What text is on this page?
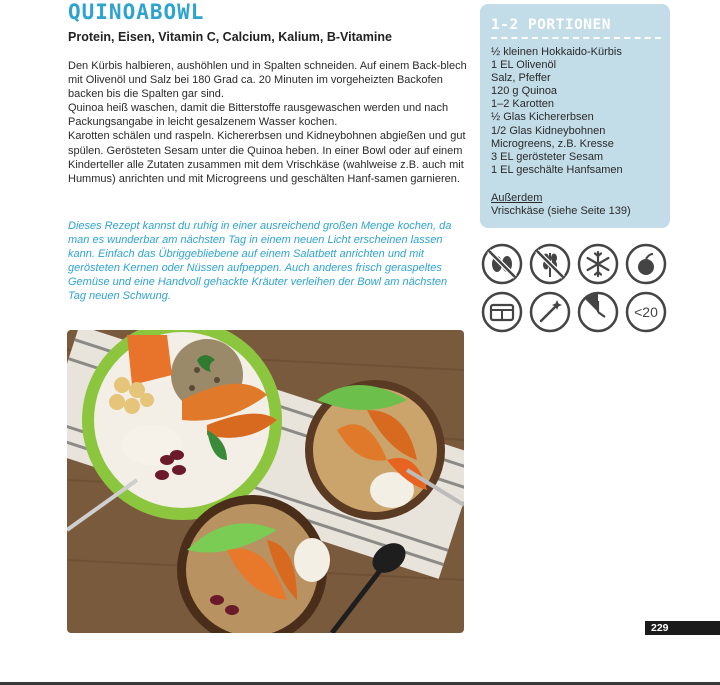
QUINOABOWL
Protein, Eisen, Vitamin C, Calcium, Kalium, B-Vitamine

Den Kürbis halbieren, aushöhlen und in Spalten schneiden. Auf einem Back-blech mit Olivenöl und Salz bei 180 Grad ca. 20 Minuten im vorgeheizten Backofen backen bis die Spalten gar sind.

Quinoa heiß waschen, damit die Bitterstoffe rausgewaschen werden und nach Packungsangabe in leicht gesalzenem Wasser kochen.

Karotten schälen und raspeln. Kichererbsen und Kidneybohnen abgießen und gut spülen. Gerösteten Sesam unter die Quinoa heben. In einer Bowl oder auf einem Kinderteller alle Zutaten zusammen mit dem Vrischkäse (wahlweise z.B. auch mit Hummus) anrichten und mit Microgreens und geschälten Hanf-samen garnieren.

Dieses Rezept kannst du ruhig in einer ausreichend großen Menge kochen, da man es wunderbar am nächsten Tag in einem neuen Licht erscheinen lassen kann. Einfach das Übriggebliebene auf einem Salatbett anrichten und mit gerösteten Kernen oder Nüssen aufpeppen. Auch anderes frisch geraspeltes Gemüse und eine Handvoll gehackte Kräuter verleihen der Bowl am nächsten Tag neuen Schwung.
1-2 PORTIONEN
½ kleinen Hokkaido-Kürbis
1 EL Olivenöl
Salz, Pfeffer
120 g Quinoa
1–2 Karotten
½ Glas Kichererbsen
1/2 Glas Kidneybohnen
Microgreens, z.B. Kresse
3 EL gerösteter Sesam
1 EL geschälte Hanfsamen
Außerdem
Vrischkäse (siehe Seite 139)
<20
229
